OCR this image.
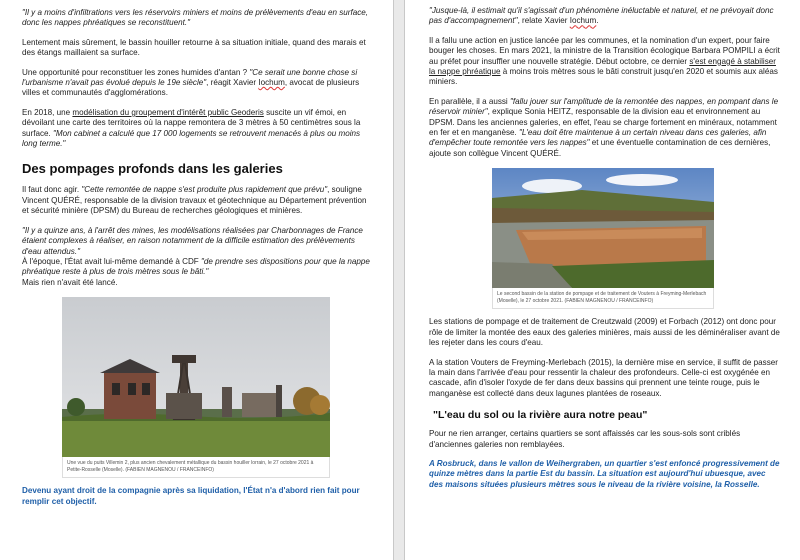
"Il y a moins d'infiltrations vers les réservoirs miniers et moins de prélèvements d'eau en surface, donc les nappes phréatiques se reconstituent."

Lentement mais sûrement, le bassin houiller retourne à sa situation initiale, quand des marais et des étangs maillaient sa surface.

Une opportunité pour reconstituer les zones humides d'antan ? "Ce serait une bonne chose si l'urbanisme n'avait pas évolué depuis le 19e siècle", réagit Xavier Iochum, avocat de plusieurs villes et communautés d'agglomérations.

En 2018, une modélisation du groupement d'intérêt public Geoderis suscite un vif émoi, en dévoilant une carte des territoires où la nappe remontera de 3 mètres à 50 centimètres sous la surface. "Mon cabinet a calculé que 17 000 logements se retrouvent menacés à plus ou moins long terme."

Des pompages profonds dans les galeries

Il faut donc agir. "Cette remontée de nappe s'est produite plus rapidement que prévu", souligne Vincent QUÉRÉ, responsable de la division travaux et géotechnique au Département prévention et sécurité minière (DPSM) du Bureau de recherches géologiques et minières.

"Il y a quinze ans, à l'arrêt des mines, les modélisations réalisées par Charbonnages de France étaient complexes à réaliser, en raison notamment de la difficile estimation des prélèvements d'eau attendus."
À l'époque, l'État avait lui-même demandé à CDF "de prendre ses dispositions pour que la nappe phréatique reste à plus de trois mètres sous le bâti."
Mais rien n'avait été lancé.

Une vue du puits Villemin 2, plus ancien chevalement métallique du bassin houiller lorrain, le 27 octobre 2021 à Petite-Rosselle (Moselle). (FABIEN MAGNENOU / FRANCEINFO)

Devenu ayant droit de la compagnie après sa liquidation, l'État n'a d'abord rien fait pour remplir cet objectif.

"Jusque-là, il estimait qu'il s'agissait d'un phénomène inéluctable et naturel, et ne prévoyait donc pas d'accompagnement", relate Xavier Iochum.

Il a fallu une action en justice lancée par les communes, et la nomination d'un expert, pour faire bouger les choses. En mars 2021, la ministre de la Transition écologique Barbara POMPILI a écrit au préfet pour insuffler une nouvelle stratégie. Début octobre, ce dernier s'est engagé à stabiliser la nappe phréatique à moins trois mètres sous le bâti construit jusqu'en 2020 et soumis aux aléas miniers.

En parallèle, il a aussi "fallu jouer sur l'amplitude de la remontée des nappes, en pompant dans le réservoir minier", explique Sonia HEITZ, responsable de la division eau et environnement au DPSM. Dans les anciennes galeries, en effet, l'eau se charge fortement en minéraux, notamment en fer et en manganèse. "L'eau doit être maintenue à un certain niveau dans ces galeries, afin d'empêcher toute remontée vers les nappes" et une éventuelle contamination de ces dernières, ajoute son collègue Vincent QUÉRÉ.

Le second bassin de la station de pompage et de traitement de Vouters à Freyming-Merlebach (Moselle), le 27 octobre 2021. (FABIEN MAGNENOU / FRANCEINFO)

Les stations de pompage et de traitement de Creutzwald (2009) et Forbach (2012) ont donc pour rôle de limiter la montée des eaux des galeries minières, mais aussi de les déminéraliser avant de les rejeter dans les cours d'eau.

A la station Vouters de Freyming-Merlebach (2015), la dernière mise en service, il suffit de passer la main dans l'arrivée d'eau pour ressentir la chaleur des profondeurs. Celle-ci est oxygénée en cascade, afin d'isoler l'oxyde de fer dans deux bassins qui prennent une teinte rouge, puis le manganèse est collecté dans deux lagunes plantées de roseaux.

"L'eau du sol ou la rivière aura notre peau"

Pour ne rien arranger, certains quartiers se sont affaissés car les sous-sols sont criblés d'anciennes galeries non remblayées.

A Rosbruck, dans le vallon de Weihergraben, un quartier s'est enfoncé progressivement de quinze mètres dans la partie Est du bassin. La situation est aujourd'hui ubuesque, avec des maisons situées plusieurs mètres sous le niveau de la rivière voisine, la Rosselle.
